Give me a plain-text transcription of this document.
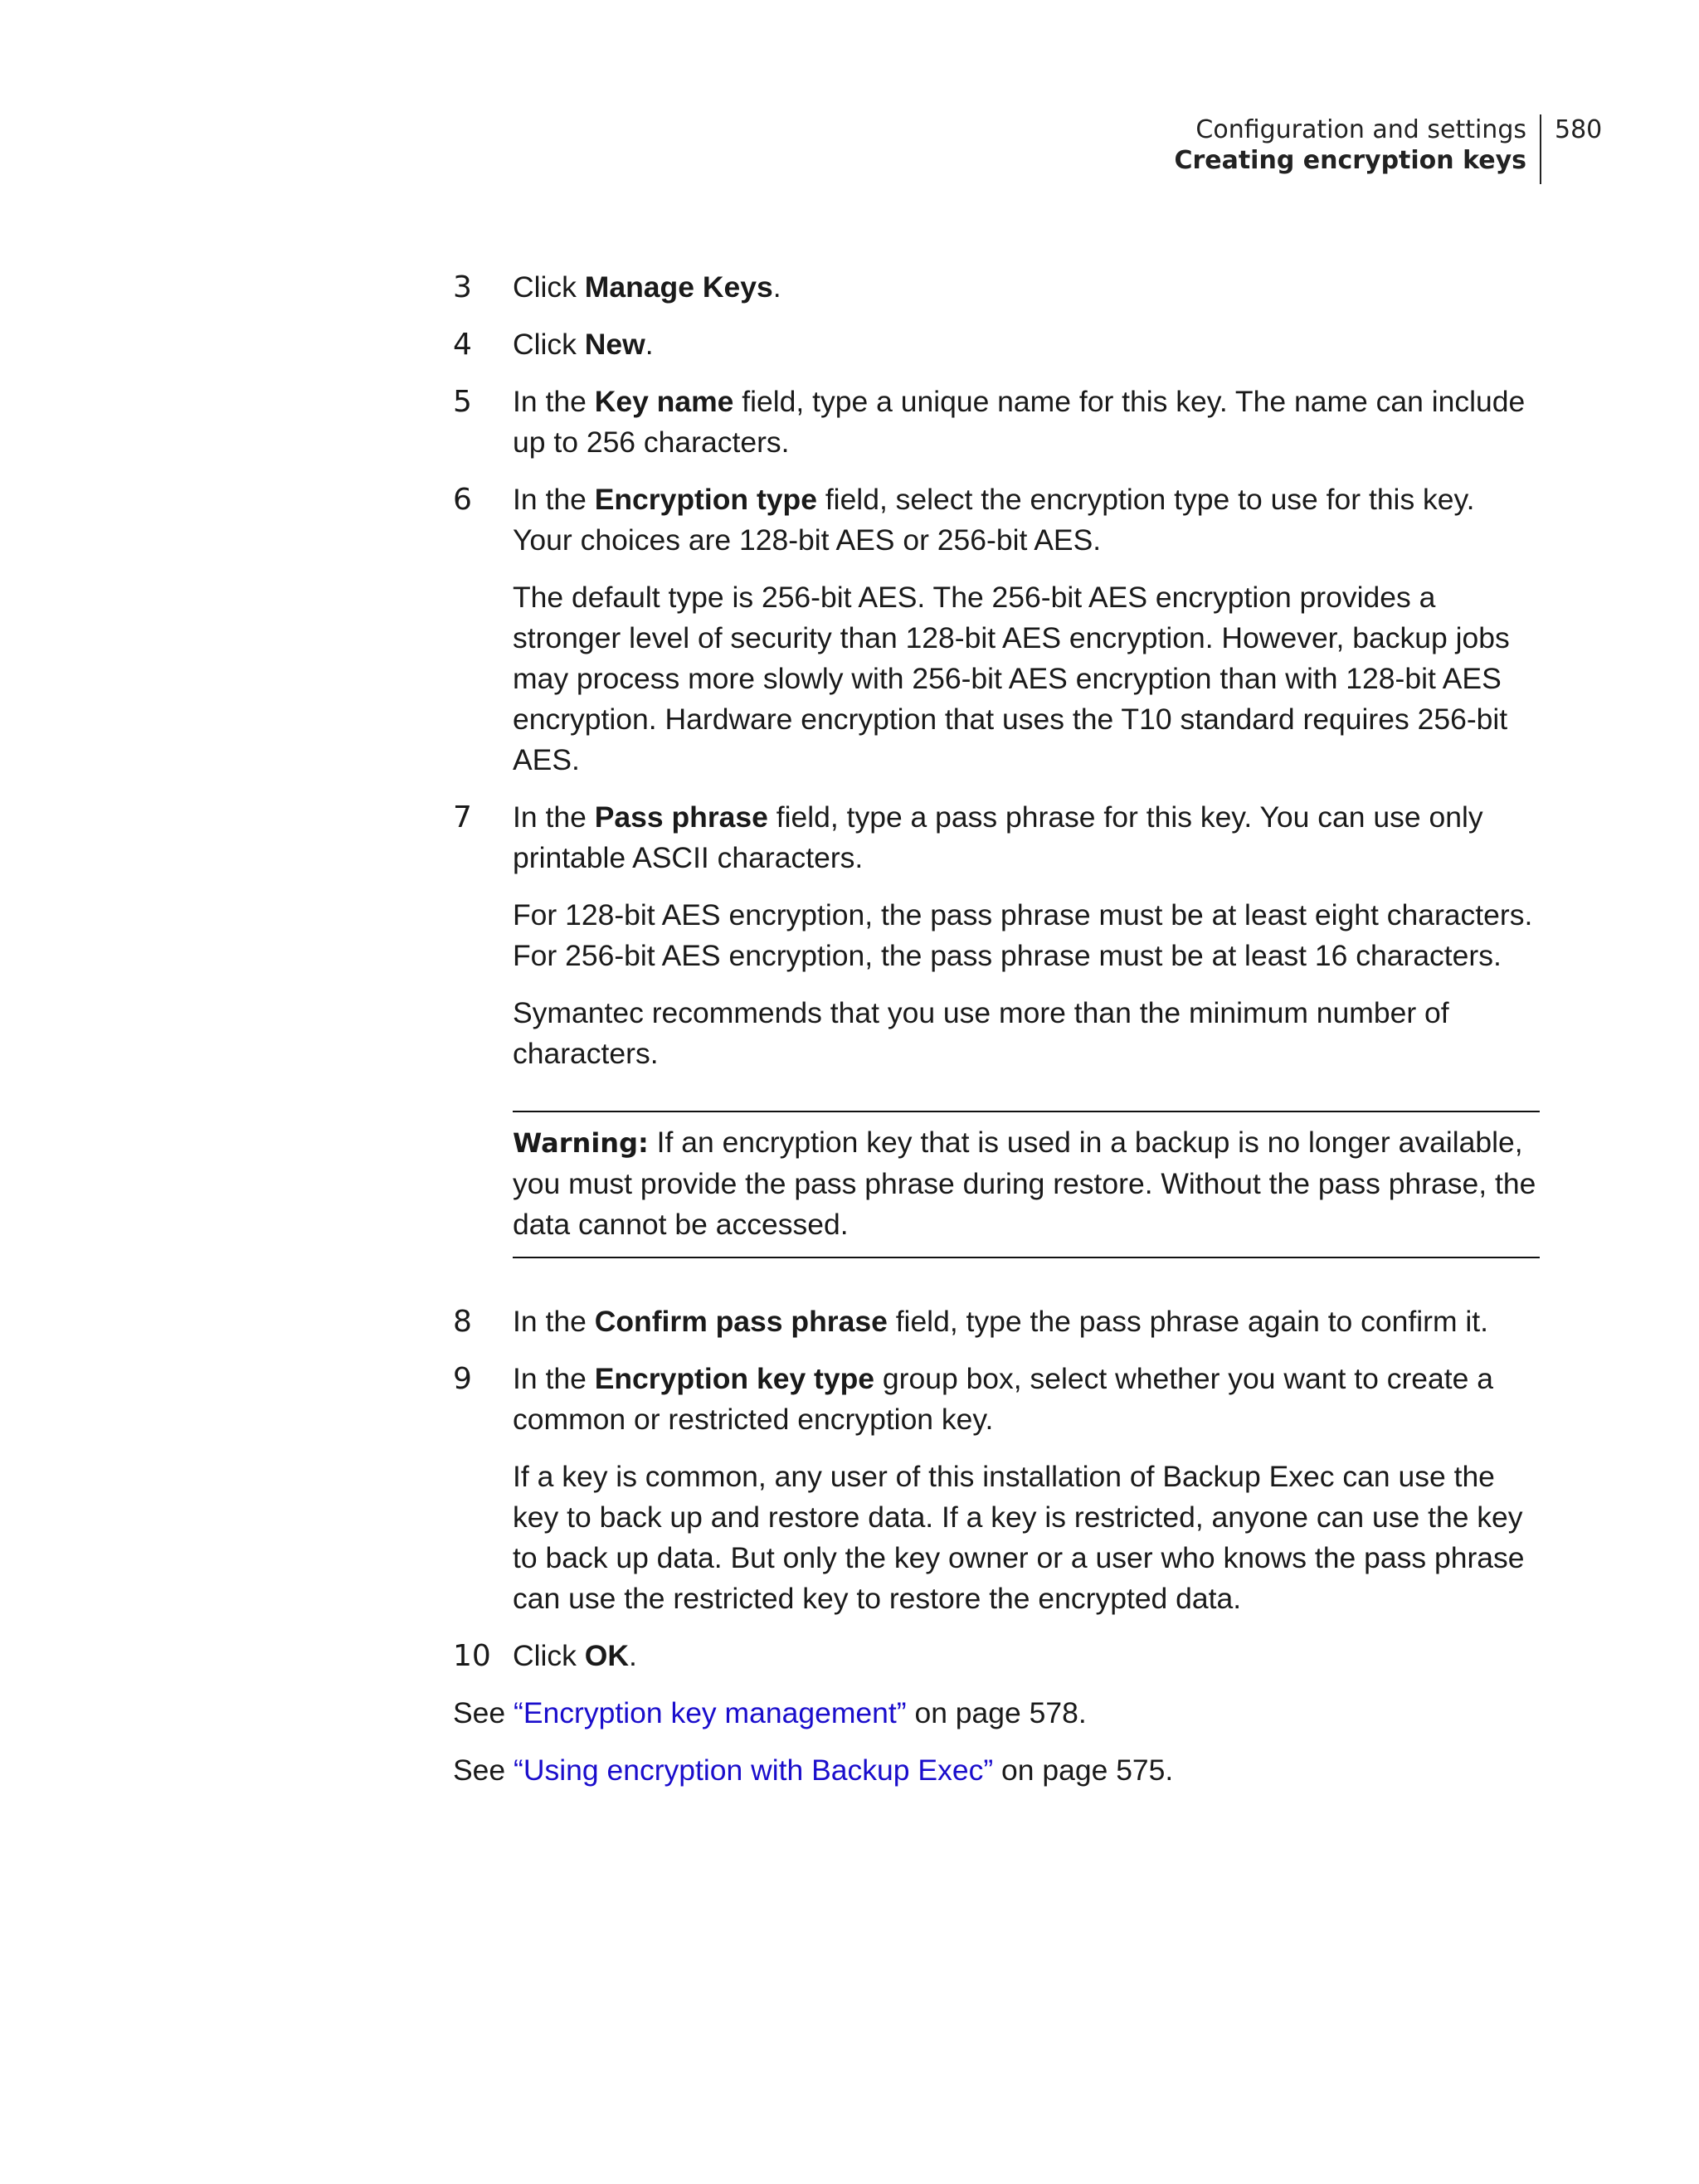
Configuration and settings
Creating encryption keys
580
3 Click Manage Keys.

4 Click New.

5 In the Key name field, type a unique name for this key. The name can include up to 256 characters.

6 In the Encryption type field, select the encryption type to use for this key. Your choices are 128-bit AES or 256-bit AES.

The default type is 256-bit AES. The 256-bit AES encryption provides a stronger level of security than 128-bit AES encryption. However, backup jobs may process more slowly with 256-bit AES encryption than with 128-bit AES encryption. Hardware encryption that uses the T10 standard requires 256-bit AES.

7 In the Pass phrase field, type a pass phrase for this key. You can use only printable ASCII characters.

For 128-bit AES encryption, the pass phrase must be at least eight characters. For 256-bit AES encryption, the pass phrase must be at least 16 characters.

Symantec recommends that you use more than the minimum number of characters.

Warning: If an encryption key that is used in a backup is no longer available, you must provide the pass phrase during restore. Without the pass phrase, the data cannot be accessed.
8 In the Confirm pass phrase field, type the pass phrase again to confirm it.

9 In the Encryption key type group box, select whether you want to create a common or restricted encryption key.

If a key is common, any user of this installation of Backup Exec can use the key to back up and restore data. If a key is restricted, anyone can use the key to back up data. But only the key owner or a user who knows the pass phrase can use the restricted key to restore the encrypted data.

10 Click OK.

See “Encryption key management” on page 578.

See “Using encryption with Backup Exec” on page 575.
